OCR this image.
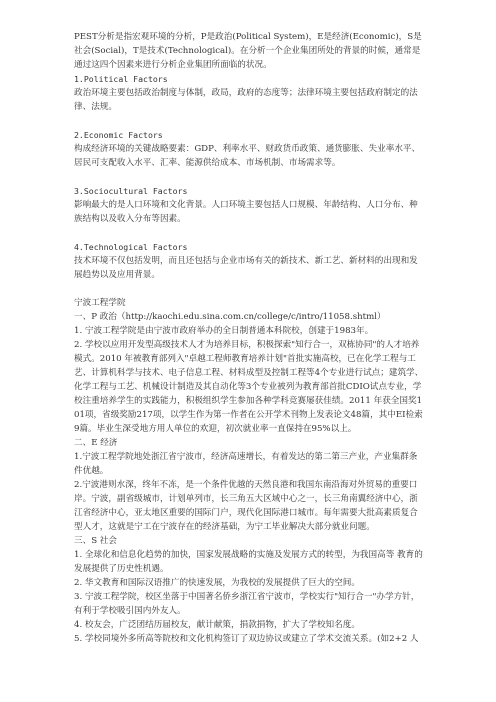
PEST分析是指宏观环境的分析，P是政治(Political System)，E是经济(Economic)，S是社会(Social)，T是技术(Technological)。在分析一个企业集团所处的背景的时候，通常是通过这四个因素来进行分析企业集团所面临的状况。

1.Political Factors

政治环境主要包括政治制度与体制，政局，政府的态度等；法律环境主要包括政府制定的法律、法规。

2.Economic Factors

构成经济环境的关键战略要素：GDP、利率水平、财政货币政策、通货膨胀、失业率水平、居民可支配收入水平、汇率、能源供给成本、市场机制、市场需求等。

3.Sociocultural Factors

影响最大的是人口环境和文化背景。人口环境主要包括人口规模、年龄结构、人口分布、种族结构以及收入分布等因素。

4.Technological Factors

技术环境不仅包括发明，而且还包括与企业市场有关的新技术、新工艺、新材料的出现和发展趋势以及应用背景。

宁波工程学院

一、P 政治（http://kaochi.edu.sina.com.cn/college/c/intro/11058.shtml）

1. 宁波工程学院是由宁波市政府举办的全日制普通本科院校，创建于1983年。

2. 学校以应用开发型高级技术人才为培养目标，积极探索"知行合一，双栋协同"的人才培养模式。2010 年被教育部列入"卓越工程师教育培养计划"首批实施高校，已在化学工程与工艺、计算机科学与技术、电子信息工程、材料成型及控制工程等4个专业进行试点；建筑学、化学工程与工艺、机械设计制造及其自动化等3个专业被列为教育部首批CDIO试点专业，学校注重培养学生的实践能力，积极组织学生参加各种学科竞赛屡获佳绩。2011 年获全国奖101项，省级奖励217项，以学生作为第一作者在公开学术刊物上发表论文48篇，其中EI检索9篇。毕业生深受地方用人单位的欢迎，初次就业率一直保持在95%以上。

二、E 经济

1.宁波工程学院地处浙江省宁波市，经济高速增长，有着发达的第二第三产业，产业集群条件优越。

2.宁波港则水深，终年不冻，是一个条件优越的天然良港和我国东南沿海对外贸易的重要口岸。宁波，副省级城市，计划单列市，长三角五大区域中心之一，长三角南翼经济中心，浙江省经济中心，亚太地区重要的国际门户，现代化国际港口城市。每年需要大批高素质复合型人才，这就是宁工在宁波存在的经济基础，为宁工毕业解决大部分就业问题。

三、S 社会

1. 全球化和信息化趋势的加快，国家发展战略的实施及发展方式的转型，为我国高等 教育的发展提供了历史性机遇。

2. 华文教育和国际汉语推广的快速发展，为我校的发展提供了巨大的空间。

3. 宁波工程学院，校区坐落于中国著名侨乡浙江省宁波市，学校实行"知行合一"办学方针，有利于学校吸引国内外友人。

4. 校友会，广泛团结历届校友，献计献策，捐款捐物，扩大了学校知名度。

5. 学校同境外多所高等院校和文化机构签订了双边协议或建立了学术交流关系。(如2+2 人
